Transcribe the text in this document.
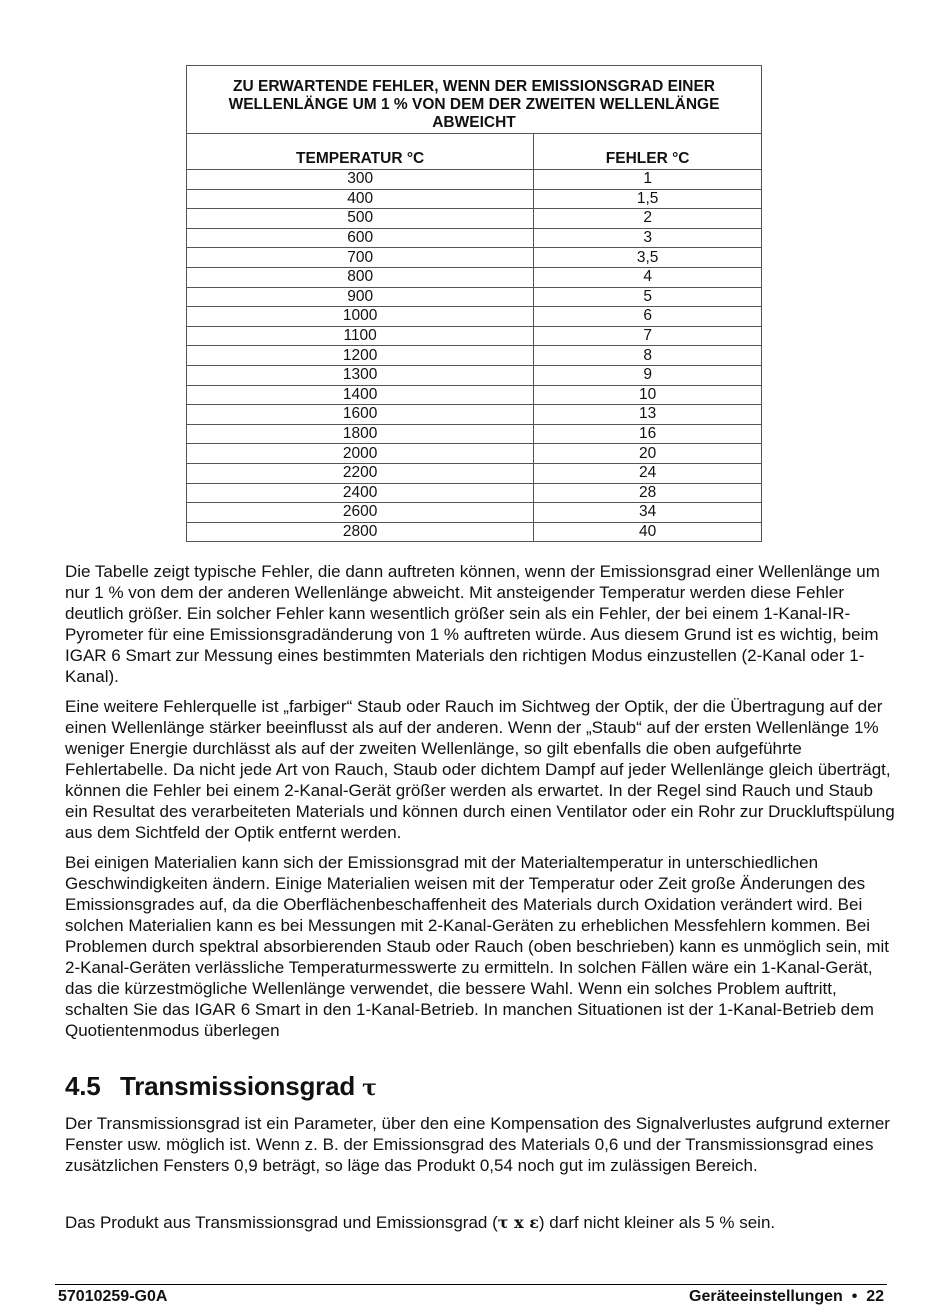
ZU ERWARTENDE FEHLER, WENN DER EMISSIONSGRAD EINER
WELLENLÄNGE UM 1 % VON DEM DER ZWEITEN WELLENLÄNGE
ABWEICHT	

TEMPERATUR °C	FEHLER °C
300	1
400	1,5
500	2
600	3
700	3,5
800	4
900	5
1000	6
1100	7
1200	8
1300	9
1400	10
1600	13
1800	16
2000	20
2200	24
2400	28
2600	34
2800	40

Die Tabelle zeigt typische Fehler, die dann auftreten können, wenn der Emissionsgrad einer Wellenlänge um nur 1 % von dem der anderen Wellenlänge abweicht. Mit ansteigender Temperatur werden diese Fehler deutlich größer. Ein solcher Fehler kann wesentlich größer sein als ein Fehler, der bei einem 1-Kanal-IR-Pyrometer für eine Emissionsgradänderung von 1 % auftreten würde. Aus diesem Grund ist es wichtig, beim IGAR 6 Smart zur Messung eines bestimmten Materials den richtigen Modus einzustellen (2-Kanal oder 1-Kanal).

Eine weitere Fehlerquelle ist „farbiger“ Staub oder Rauch im Sichtweg der Optik, der die Übertragung auf der einen Wellenlänge stärker beeinflusst als auf der anderen. Wenn der „Staub“ auf der ersten Wellenlänge 1% weniger Energie durchlässt als auf der zweiten Wellenlänge, so gilt ebenfalls die oben aufgeführte Fehlertabelle. Da nicht jede Art von Rauch, Staub oder dichtem Dampf auf jeder Wellenlänge gleich überträgt, können die Fehler bei einem 2-Kanal-Gerät größer werden als erwartet. In der Regel sind Rauch und Staub ein Resultat des verarbeiteten Materials und können durch einen Ventilator oder ein Rohr zur Druckluftspülung aus dem Sichtfeld der Optik entfernt werden.

Bei einigen Materialien kann sich der Emissionsgrad mit der Materialtemperatur in unterschiedlichen Geschwindigkeiten ändern. Einige Materialien weisen mit der Temperatur oder Zeit große Änderungen des Emissionsgrades auf, da die Oberflächenbeschaffenheit des Materials durch Oxidation verändert wird. Bei solchen Materialien kann es bei Messungen mit 2-Kanal-Geräten zu erheblichen Messfehlern kommen. Bei Problemen durch spektral absorbierenden Staub oder Rauch (oben beschrieben) kann es unmöglich sein, mit 2-Kanal-Geräten verlässliche Temperaturmesswerte zu ermitteln. In solchen Fällen wäre ein 1-Kanal-Gerät, das die kürzestmögliche Wellenlänge verwendet, die bessere Wahl. Wenn ein solches Problem auftritt, schalten Sie das IGAR 6 Smart in den 1-Kanal-Betrieb. In manchen Situationen ist der 1-Kanal-Betrieb dem Quotientenmodus überlegen

4.5 Transmissionsgrad τ

Der Transmissionsgrad ist ein Parameter, über den eine Kompensation des Signalverlustes aufgrund externer Fenster usw. möglich ist. Wenn z. B. der Emissionsgrad des Materials 0,6 und der Transmissionsgrad eines zusätzlichen Fensters 0,9 beträgt, so läge das Produkt 0,54 noch gut im zulässigen Bereich.

Das Produkt aus Transmissionsgrad und Emissionsgrad (τ x ε) darf nicht kleiner als 5 % sein.

57010259-G0A	Geräteeinstellungen  •  22
